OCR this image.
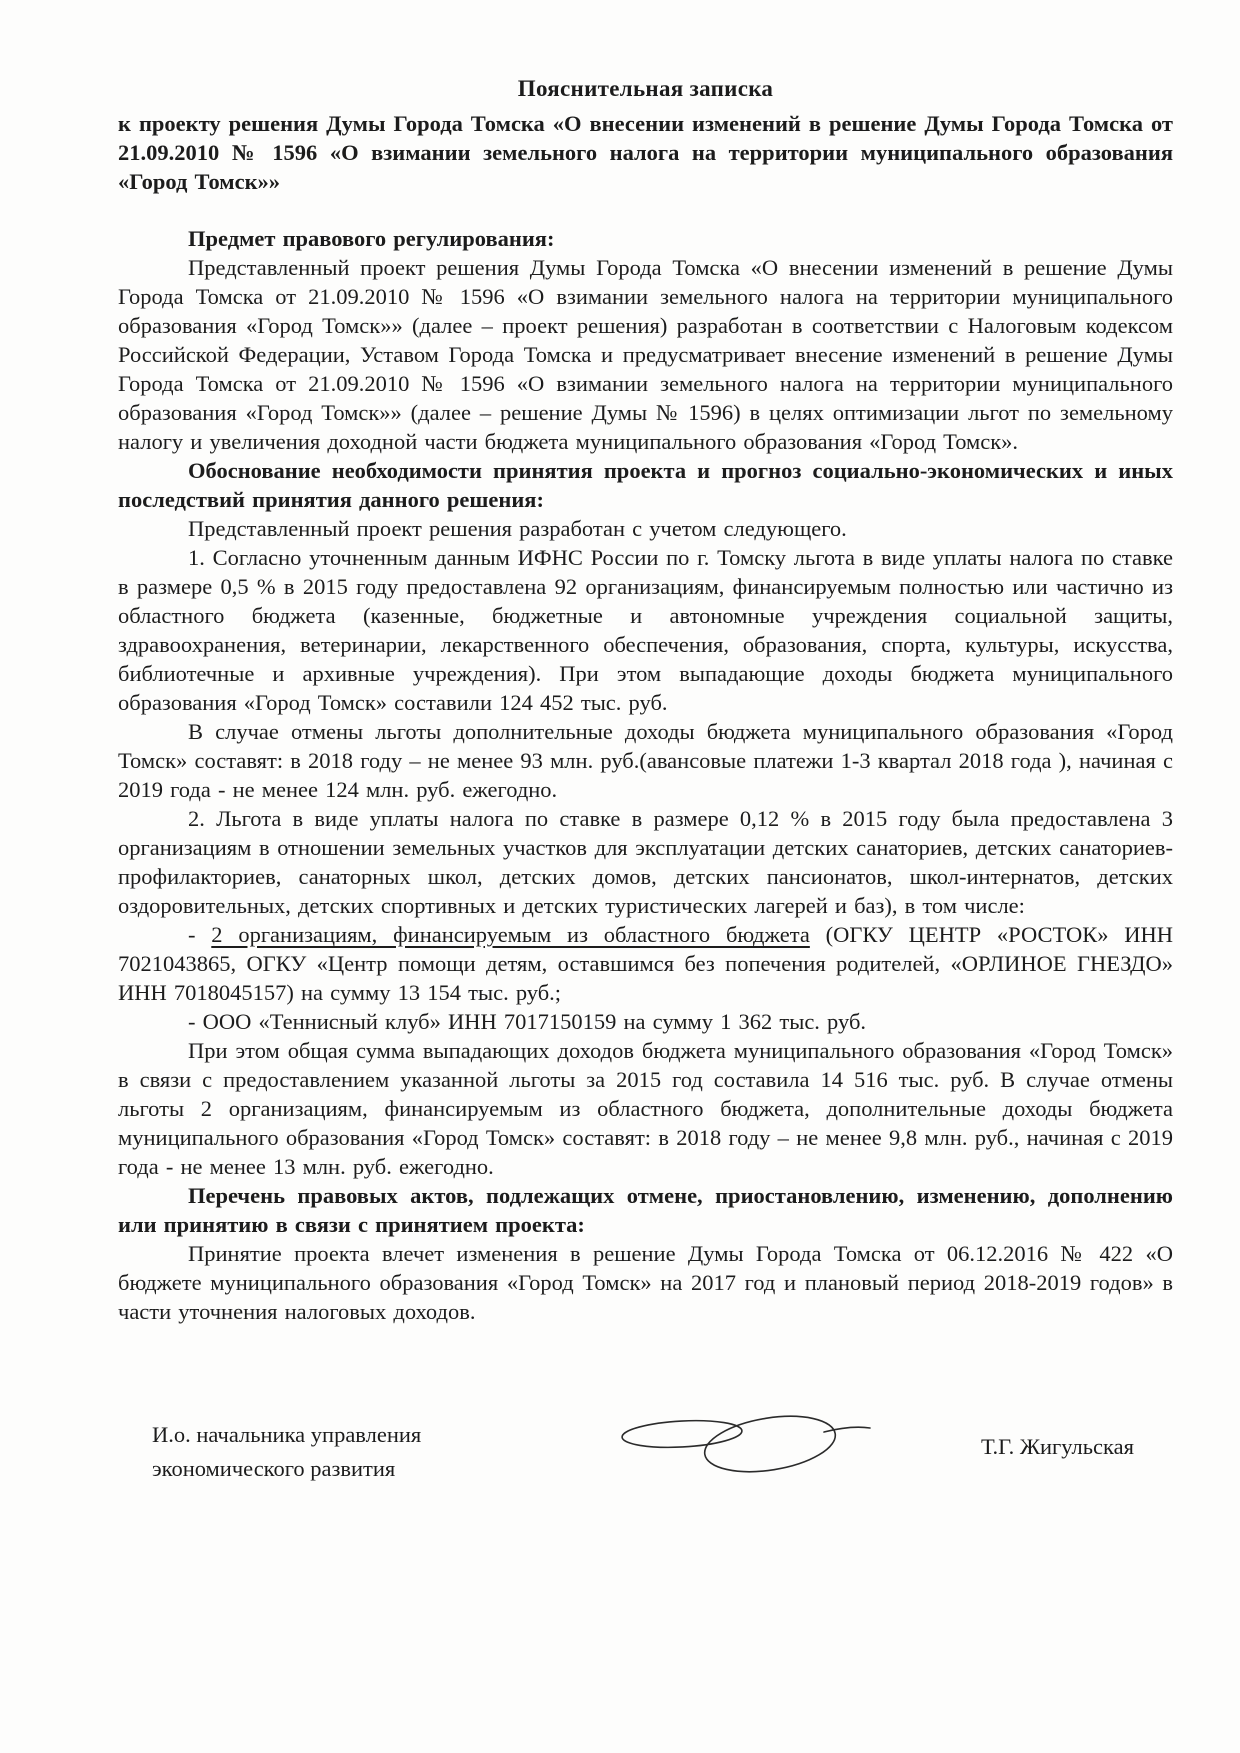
Пояснительная записка

к проекту решения Думы Города Томска «О внесении изменений в решение Думы Города Томска от 21.09.2010 № 1596 «О взимании земельного налога на территории муниципального образования «Город Томск»»

Предмет правового регулирования:

Представленный проект решения Думы Города Томска «О внесении изменений в решение Думы Города Томска от 21.09.2010 № 1596 «О взимании земельного налога на территории муниципального образования «Город Томск»» (далее – проект решения) разработан в соответствии с Налоговым кодексом Российской Федерации, Уставом Города Томска и предусматривает внесение изменений в решение Думы Города Томска от 21.09.2010 № 1596 «О взимании земельного налога на территории муниципального образования «Город Томск»» (далее – решение Думы № 1596) в целях оптимизации льгот по земельному налогу и увеличения доходной части бюджета муниципального образования «Город Томск».

Обоснование необходимости принятия проекта и прогноз социально-экономических и иных последствий принятия данного решения:

Представленный проект решения разработан с учетом следующего.

1. Согласно уточненным данным ИФНС России по г. Томску льгота в виде уплаты налога по ставке в размере 0,5 % в 2015 году предоставлена 92 организациям, финансируемым полностью или частично из областного бюджета (казенные, бюджетные и автономные учреждения социальной защиты, здравоохранения, ветеринарии, лекарственного обеспечения, образования, спорта, культуры, искусства, библиотечные и архивные учреждения). При этом выпадающие доходы бюджета муниципального образования «Город Томск» составили 124 452 тыс. руб.

В случае отмены льготы дополнительные доходы бюджета муниципального образования «Город Томск» составят: в 2018 году – не менее 93 млн. руб.(авансовые платежи 1-3 квартал 2018 года ), начиная с 2019 года - не менее 124 млн. руб. ежегодно.

2. Льгота в виде уплаты налога по ставке в размере 0,12 % в 2015 году была предоставлена 3 организациям в отношении земельных участков для эксплуатации детских санаториев, детских санаториев-профилакториев, санаторных школ, детских домов, детских пансионатов, школ-интернатов, детских оздоровительных, детских спортивных и детских туристических лагерей и баз), в том числе:

- 2 организациям, финансируемым из областного бюджета (ОГКУ ЦЕНТР «РОСТОК» ИНН 7021043865, ОГКУ «Центр помощи детям, оставшимся без попечения родителей, «ОРЛИНОЕ ГНЕЗДО» ИНН 7018045157) на сумму 13 154 тыс. руб.;

- ООО «Теннисный клуб» ИНН 7017150159 на сумму 1 362 тыс. руб.

При этом общая сумма выпадающих доходов бюджета муниципального образования «Город Томск» в связи с предоставлением указанной льготы за 2015 год составила 14 516 тыс. руб. В случае отмены льготы 2 организациям, финансируемым из областного бюджета, дополнительные доходы бюджета муниципального образования «Город Томск» составят: в 2018 году – не менее 9,8 млн. руб., начиная с 2019 года - не менее 13 млн. руб. ежегодно.

Перечень правовых актов, подлежащих отмене, приостановлению, изменению, дополнению или принятию в связи с принятием проекта:

Принятие проекта влечет изменения в решение Думы Города Томска от 06.12.2016 № 422 «О бюджете муниципального образования «Город Томск» на 2017 год и плановый период 2018-2019 годов» в части уточнения налоговых доходов.

И.о. начальника управления
экономического развития
Т.Г. Жигульская
